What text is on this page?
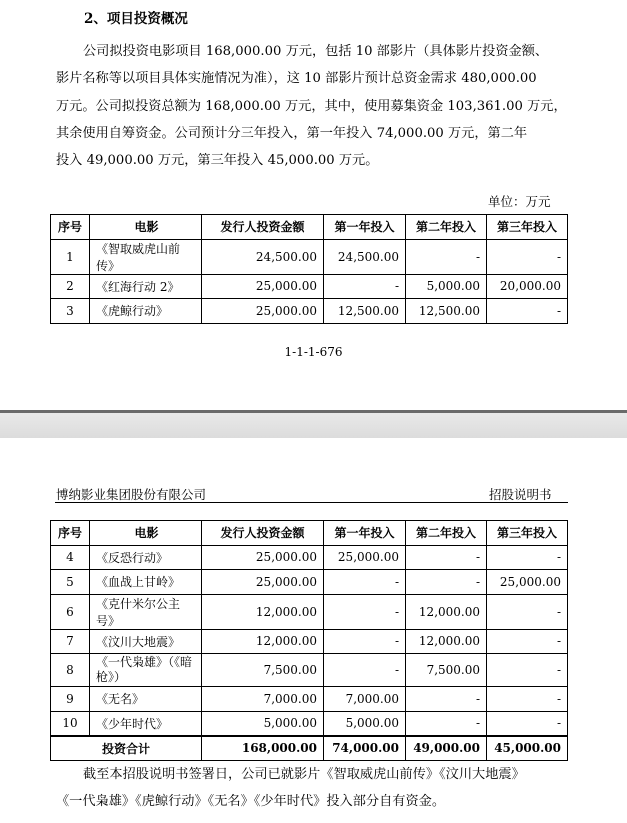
2、项目投资概况

公司拟投资电影项目 168,000.00 万元，包括 10 部影片（具体影片投资金额、

影片名称等以项目具体实施情况为准），这 10 部影片预计总资金需求 480,000.00

万元。公司拟投资总额为 168,000.00 万元，其中，使用募集资金 103,361.00 万元，

其余使用自筹资金。公司预计分三年投入，第一年投入 74,000.00 万元，第二年

投入 49,000.00 万元，第三年投入 45,000.00 万元。

单位：万元
序号	电影	发行人投资金额	第一年投入	第二年投入	第三年投入
1	《智取威虎山前传》	24,500.00	24,500.00	-	-
2	《红海行动 2》	25,000.00	-	5,000.00	20,000.00
3	《虎鲸行动》	25,000.00	12,500.00	12,500.00	-
1-1-1-676
博纳影业集团股份有限公司	招股说明书
序号	电影	发行人投资金额	第一年投入	第二年投入	第三年投入
4	《反恐行动》	25,000.00	25,000.00	-	-
5	《血战上甘岭》	25,000.00	-	-	25,000.00
6	《克什米尔公主号》	12,000.00	-	12,000.00	-
7	《汶川大地震》	12,000.00	-	12,000.00	-
8	《一代枭雄》（《暗枪》）	7,500.00	-	7,500.00	-
9	《无名》	7,000.00	7,000.00	-	-
10	《少年时代》	5,000.00	5,000.00	-	-
投资合计		168,000.00	74,000.00	49,000.00	45,000.00

截至本招股说明书签署日，公司已就影片《智取威虎山前传》《汶川大地震》

《一代枭雄》《虎鲸行动》《无名》《少年时代》投入部分自有资金。
